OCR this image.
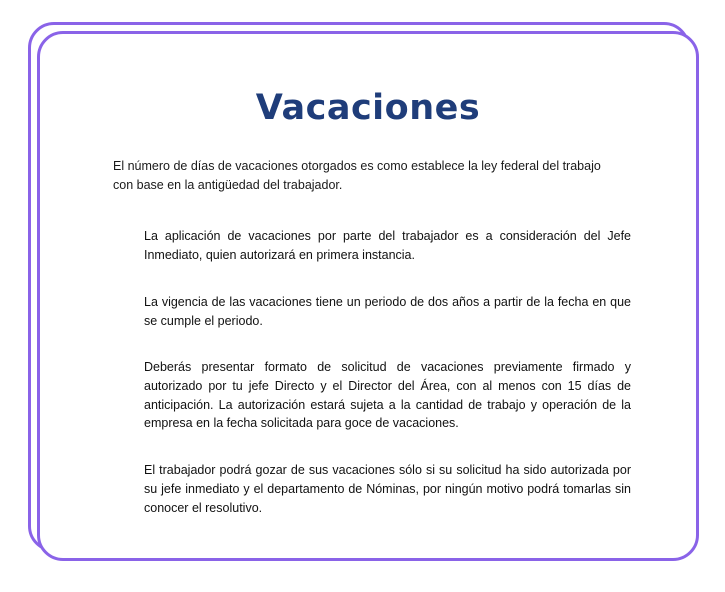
Vacaciones
El número de días de vacaciones otorgados es como establece la ley federal del trabajo con base en la antigüedad del trabajador.
La aplicación de vacaciones por parte del trabajador es a consideración del Jefe Inmediato, quien autorizará en primera instancia.
La vigencia de las vacaciones tiene un periodo de dos años a partir de la fecha en que se cumple el periodo.
Deberás presentar formato de solicitud de vacaciones previamente firmado y autorizado por tu jefe Directo y el Director del Área, con al menos con 15 días de anticipación. La autorización estará sujeta a la cantidad de trabajo y operación de la empresa en la fecha solicitada para goce de vacaciones.
El trabajador podrá gozar de sus vacaciones sólo si su solicitud ha sido autorizada por su jefe inmediato y el departamento de Nóminas, por ningún motivo podrá tomarlas sin conocer el resolutivo.
